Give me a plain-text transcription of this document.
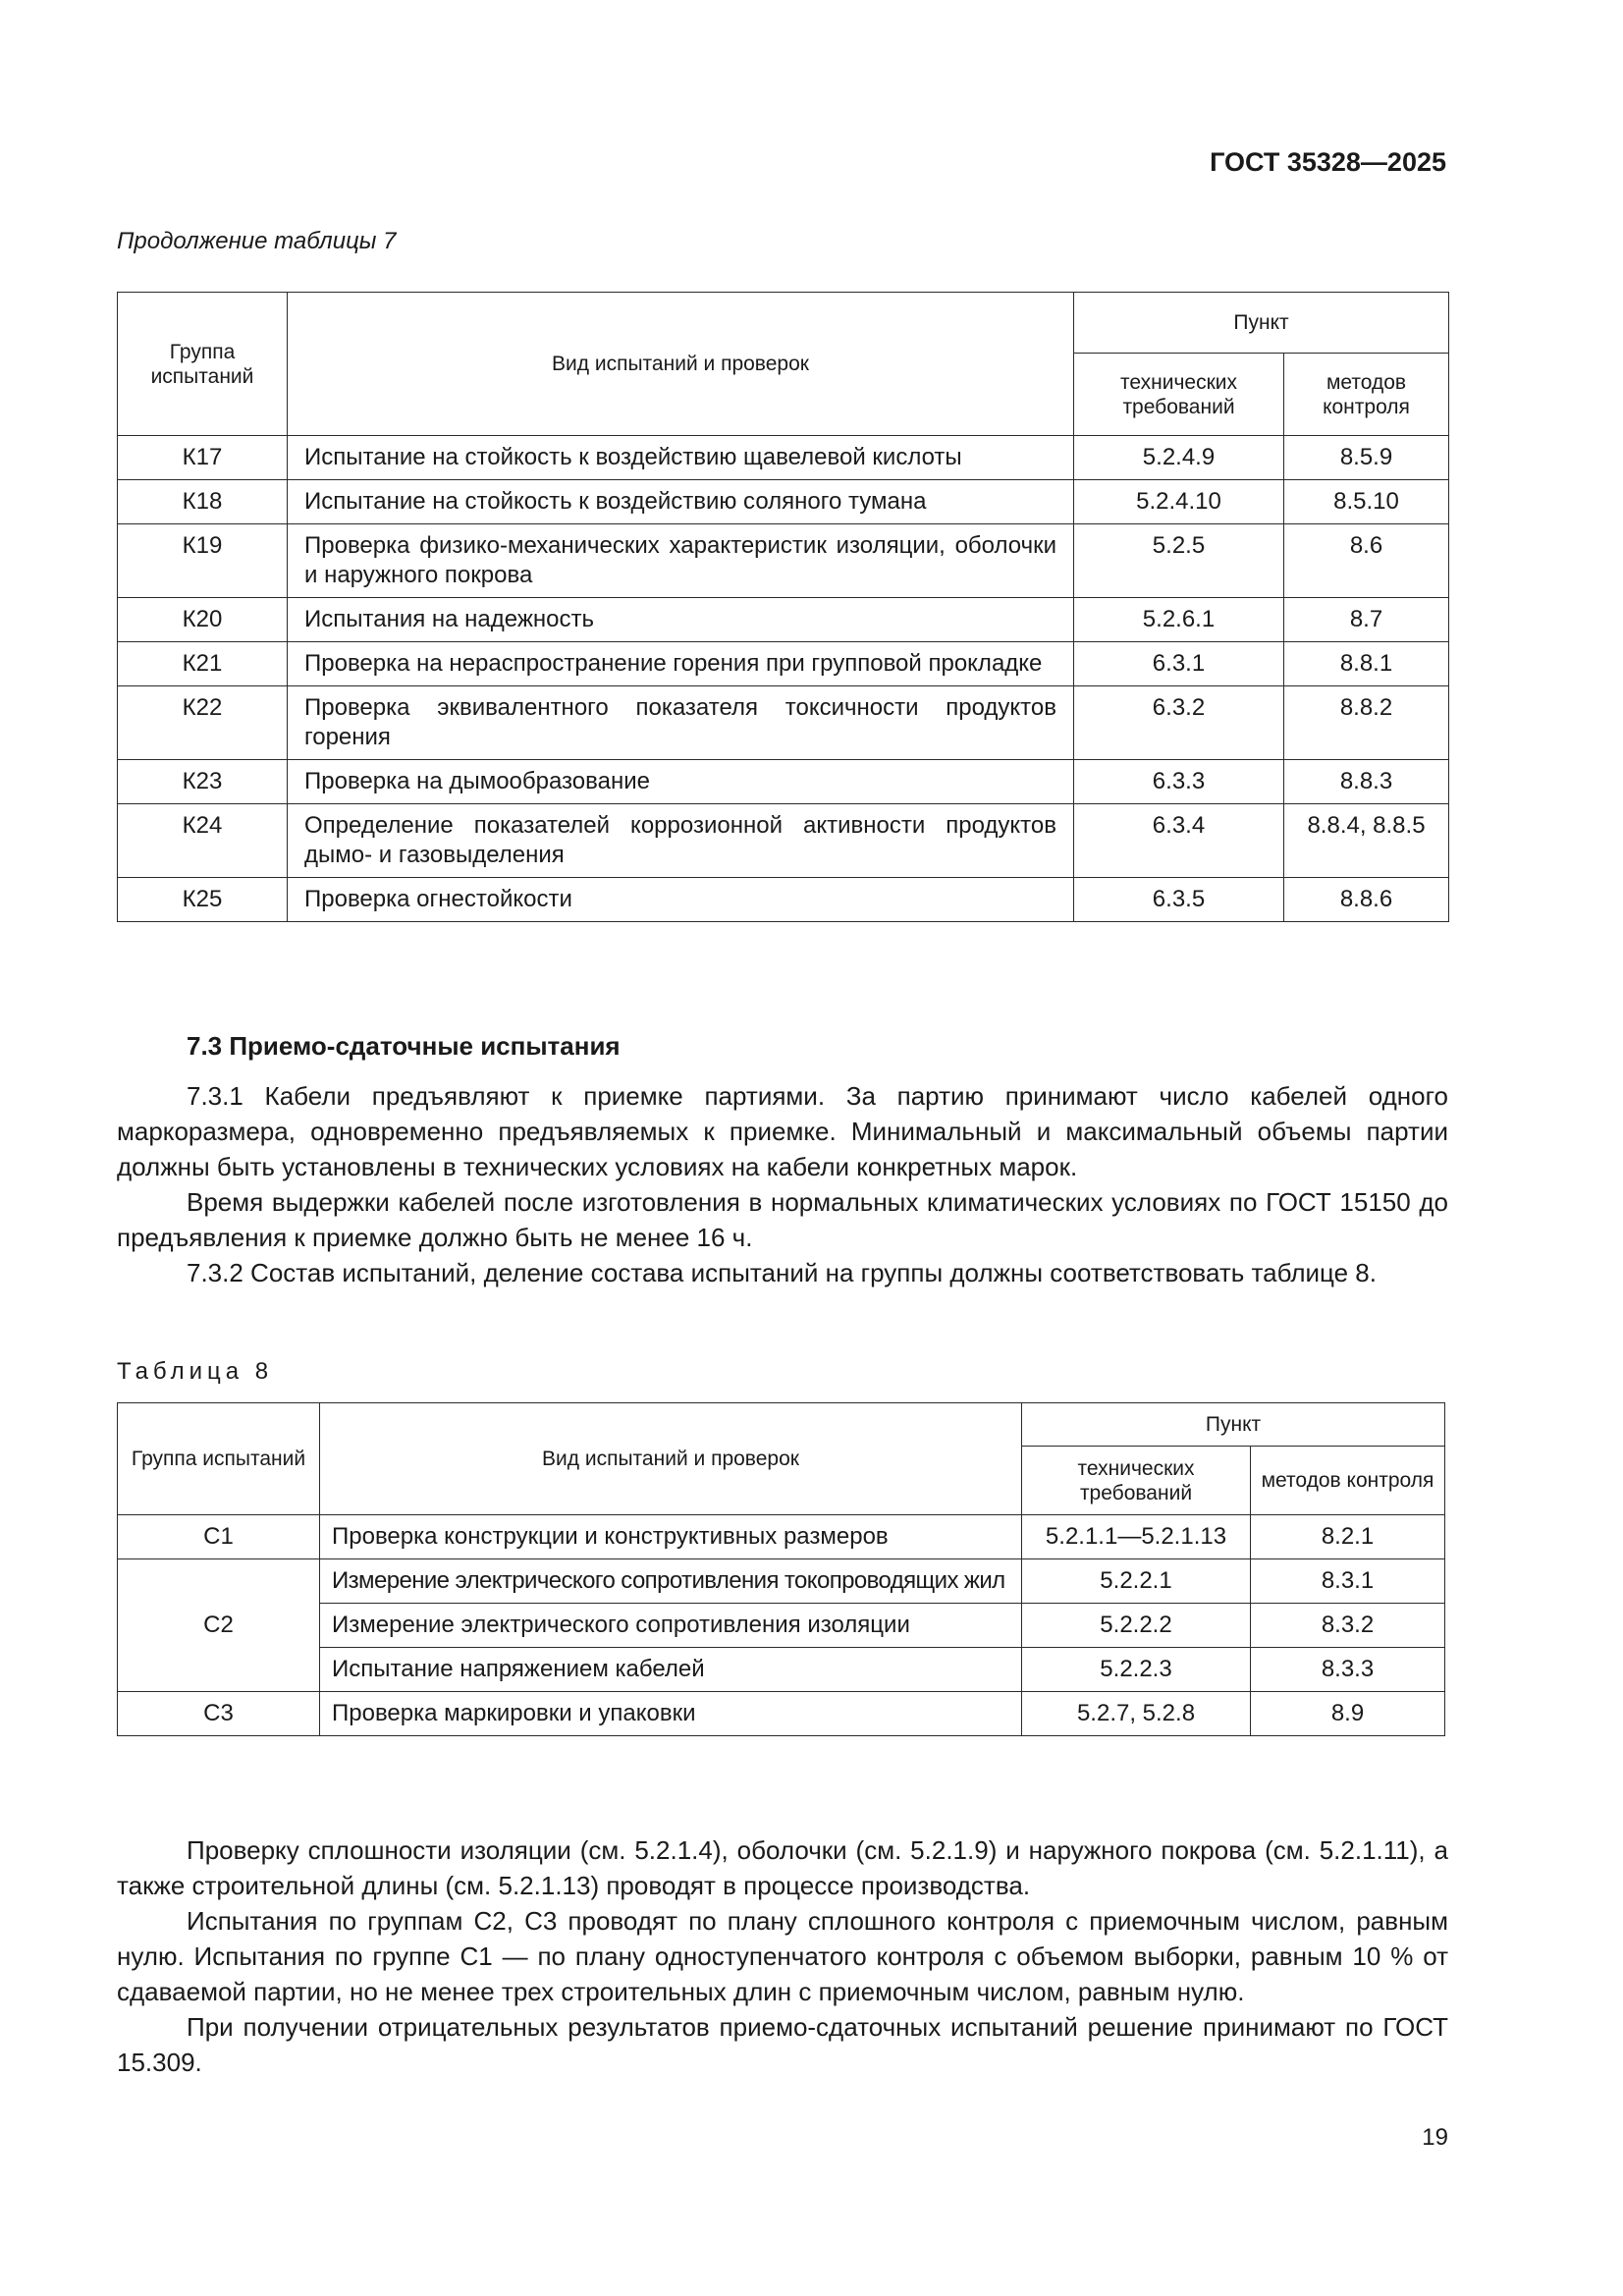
ГОСТ 35328—2025
Продолжение таблицы 7
Группа испытаний	Вид испытаний и проверок	Пункт	
		технических требований	методов контроля
К17	Испытание на стойкость к воздействию щавелевой кислоты	5.2.4.9	8.5.9
К18	Испытание на стойкость к воздействию соляного тумана	5.2.4.10	8.5.10
К19	Проверка физико-механических характеристик изоляции, оболочки и наружного покрова	5.2.5	8.6
К20	Испытания на надежность	5.2.6.1	8.7
К21	Проверка на нераспространение горения при групповой прокладке	6.3.1	8.8.1
К22	Проверка эквивалентного показателя токсичности продуктов горения	6.3.2	8.8.2
К23	Проверка на дымообразование	6.3.3	8.8.3
К24	Определение показателей коррозионной активности продуктов дымо- и газовыделения	6.3.4	8.8.4, 8.8.5
К25	Проверка огнестойкости	6.3.5	8.8.6
7.3 Приемо-сдаточные испытания

7.3.1 Кабели предъявляют к приемке партиями. За партию принимают число кабелей одного маркоразмера, одновременно предъявляемых к приемке. Минимальный и максимальный объемы партии должны быть установлены в технических условиях на кабели конкретных марок.

Время выдержки кабелей после изготовления в нормальных климатических условиях по ГОСТ 15150 до предъявления к приемке должно быть не менее 16 ч.

7.3.2 Состав испытаний, деление состава испытаний на группы должны соответствовать таблице 8.

Таблица 8
Группа испытаний	Вид испытаний и проверок	Пункт	
		технических требований	методов контроля
С1	Проверка конструкции и конструктивных размеров	5.2.1.1—5.2.1.13	8.2.1
С2	Измерение электрического сопротивления токопроводящих жил	5.2.2.1	8.3.1
	Измерение электрического сопротивления изоляции	5.2.2.2	8.3.2
	Испытание напряжением кабелей	5.2.2.3	8.3.3
С3	Проверка маркировки и упаковки	5.2.7, 5.2.8	8.9

Проверку сплошности изоляции (см. 5.2.1.4), оболочки (см. 5.2.1.9) и наружного покрова (см. 5.2.1.11), а также строительной длины (см. 5.2.1.13) проводят в процессе производства.

Испытания по группам С2, С3 проводят по плану сплошного контроля с приемочным числом, равным нулю. Испытания по группе С1 — по плану одноступенчатого контроля с объемом выборки, равным 10 % от сдаваемой партии, но не менее трех строительных длин с приемочным числом, равным нулю.

При получении отрицательных результатов приемо-сдаточных испытаний решение принимают по ГОСТ 15.309.

19
